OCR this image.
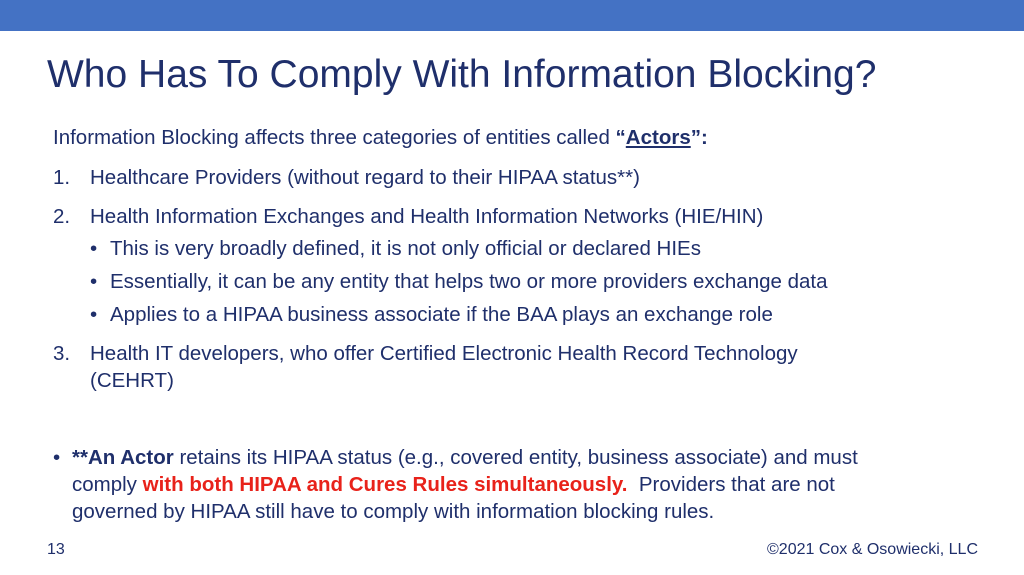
Who Has To Comply With Information Blocking?
Information Blocking affects three categories of entities called “Actors”:
1. Healthcare Providers (without regard to their HIPAA status**)
2. Health Information Exchanges and Health Information Networks (HIE/HIN)
• This is very broadly defined, it is not only official or declared HIEs
• Essentially, it can be any entity that helps two or more providers exchange data
• Applies to a HIPAA business associate if the BAA plays an exchange role
3. Health IT developers, who offer Certified Electronic Health Record Technology
(CEHRT)
• **An Actor retains its HIPAA status (e.g., covered entity, business associate) and must
comply with both HIPAA and Cures Rules simultaneously.  Providers that are not
governed by HIPAA still have to comply with information blocking rules.
13	©2021 Cox & Osowiecki, LLC
